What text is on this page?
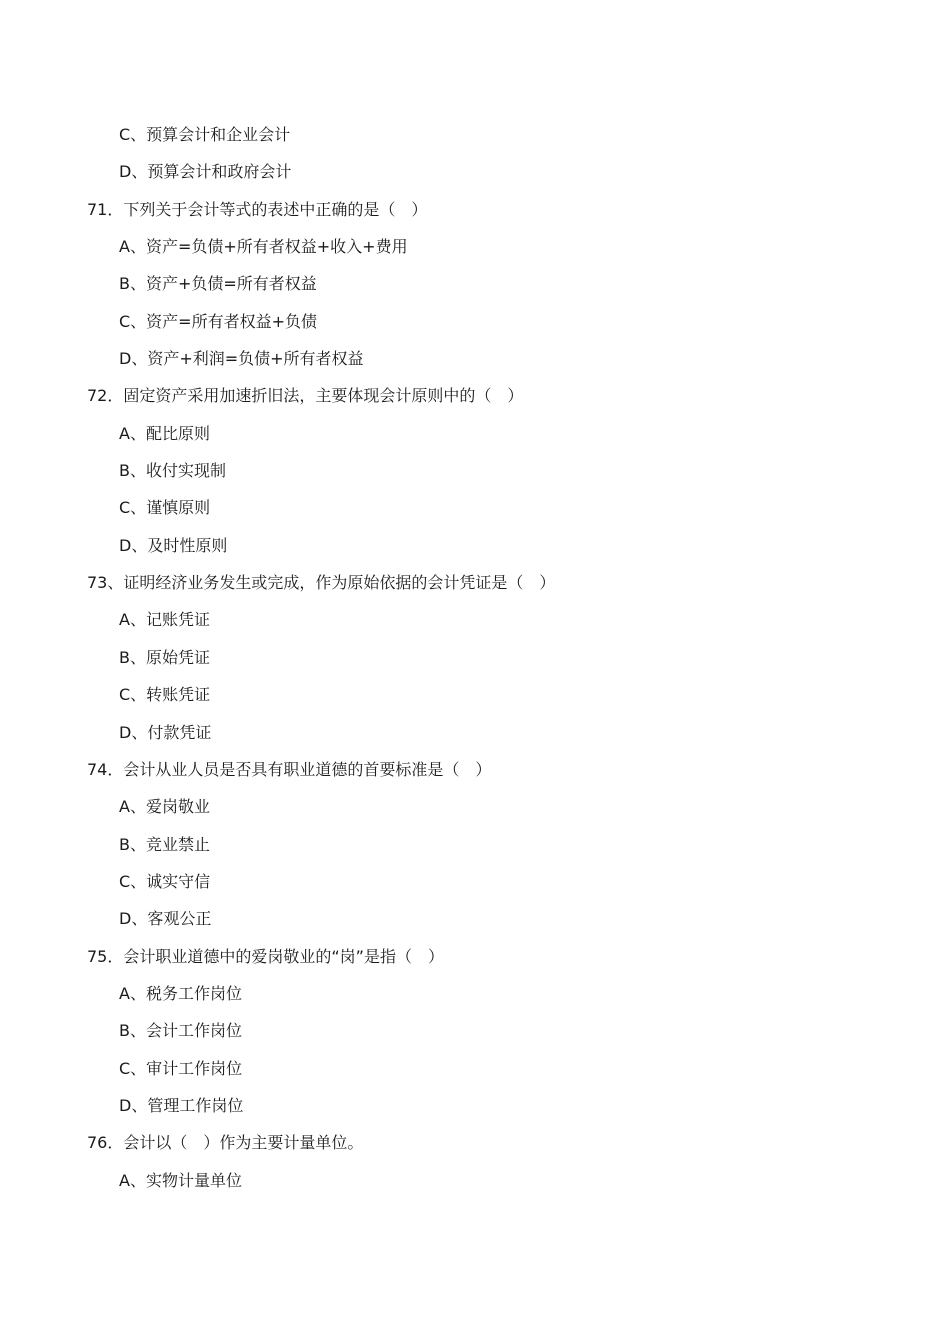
C、预算会计和企业会计
D、预算会计和政府会计
71．下列关于会计等式的表述中正确的是（　）
A、资产=负债+所有者权益+收入+费用
B、资产+负债=所有者权益
C、资产=所有者权益+负债
D、资产+利润=负债+所有者权益
72．固定资产采用加速折旧法，主要体现会计原则中的（　）
A、配比原则
B、收付实现制
C、谨慎原则
D、及时性原则
73、证明经济业务发生或完成，作为原始依据的会计凭证是（　）
A、记账凭证
B、原始凭证
C、转账凭证
D、付款凭证
74．会计从业人员是否具有职业道德的首要标准是（　）
A、爱岗敬业
B、竞业禁止
C、诚实守信
D、客观公正
75．会计职业道德中的爱岗敬业的“岗”是指（　）
A、税务工作岗位
B、会计工作岗位
C、审计工作岗位
D、管理工作岗位
76．会计以（　）作为主要计量单位。
A、实物计量单位
